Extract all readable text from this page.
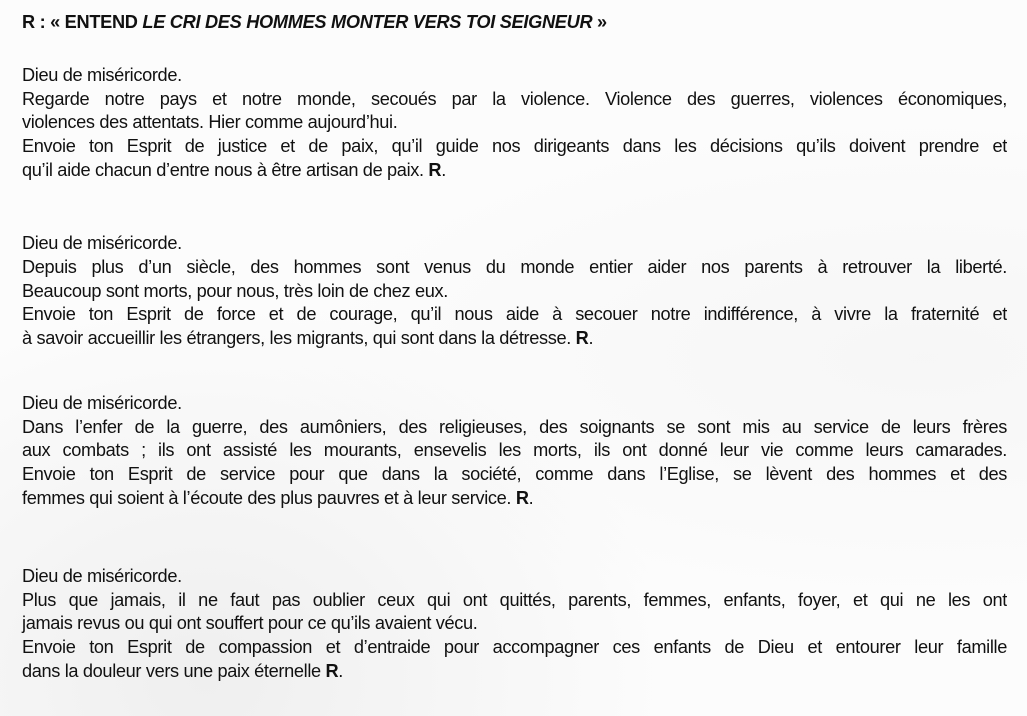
R : « ENTEND LE CRI DES HOMMES MONTER VERS TOI SEIGNEUR »
Dieu de miséricorde.
Regarde notre pays et notre monde, secoués par la violence. Violence des guerres, violences économiques,
violences des attentats. Hier comme aujourd’hui.
Envoie ton Esprit de justice et de paix, qu’il guide nos dirigeants dans les décisions qu’ils doivent prendre et
qu’il aide chacun d’entre nous à être artisan de paix. R.
Dieu de miséricorde.
Depuis plus d’un siècle, des hommes sont venus du monde entier aider nos parents à retrouver la liberté.
Beaucoup sont morts, pour nous, très loin de chez eux.
Envoie ton Esprit de force et de courage, qu’il nous aide à secouer notre indifférence, à vivre la fraternité et
à savoir accueillir les étrangers, les migrants, qui sont dans la détresse. R.
Dieu de miséricorde.
Dans l’enfer de la guerre, des aumôniers, des religieuses, des soignants se sont mis au service de leurs frères
aux combats ; ils ont assisté les mourants, ensevelis les morts, ils ont donné leur vie comme leurs camarades.
Envoie ton Esprit de service pour que dans la société, comme dans l’Eglise, se lèvent des hommes et des
femmes qui soient à l’écoute des plus pauvres et à leur service. R.
Dieu de miséricorde.
Plus que jamais, il ne faut pas oublier ceux qui ont quittés, parents, femmes, enfants, foyer, et qui ne les ont
jamais revus ou qui ont souffert pour ce qu’ils avaient vécu.
Envoie ton Esprit de compassion et d’entraide pour accompagner ces enfants de Dieu et entourer leur famille
dans la douleur vers une paix éternelle R.
